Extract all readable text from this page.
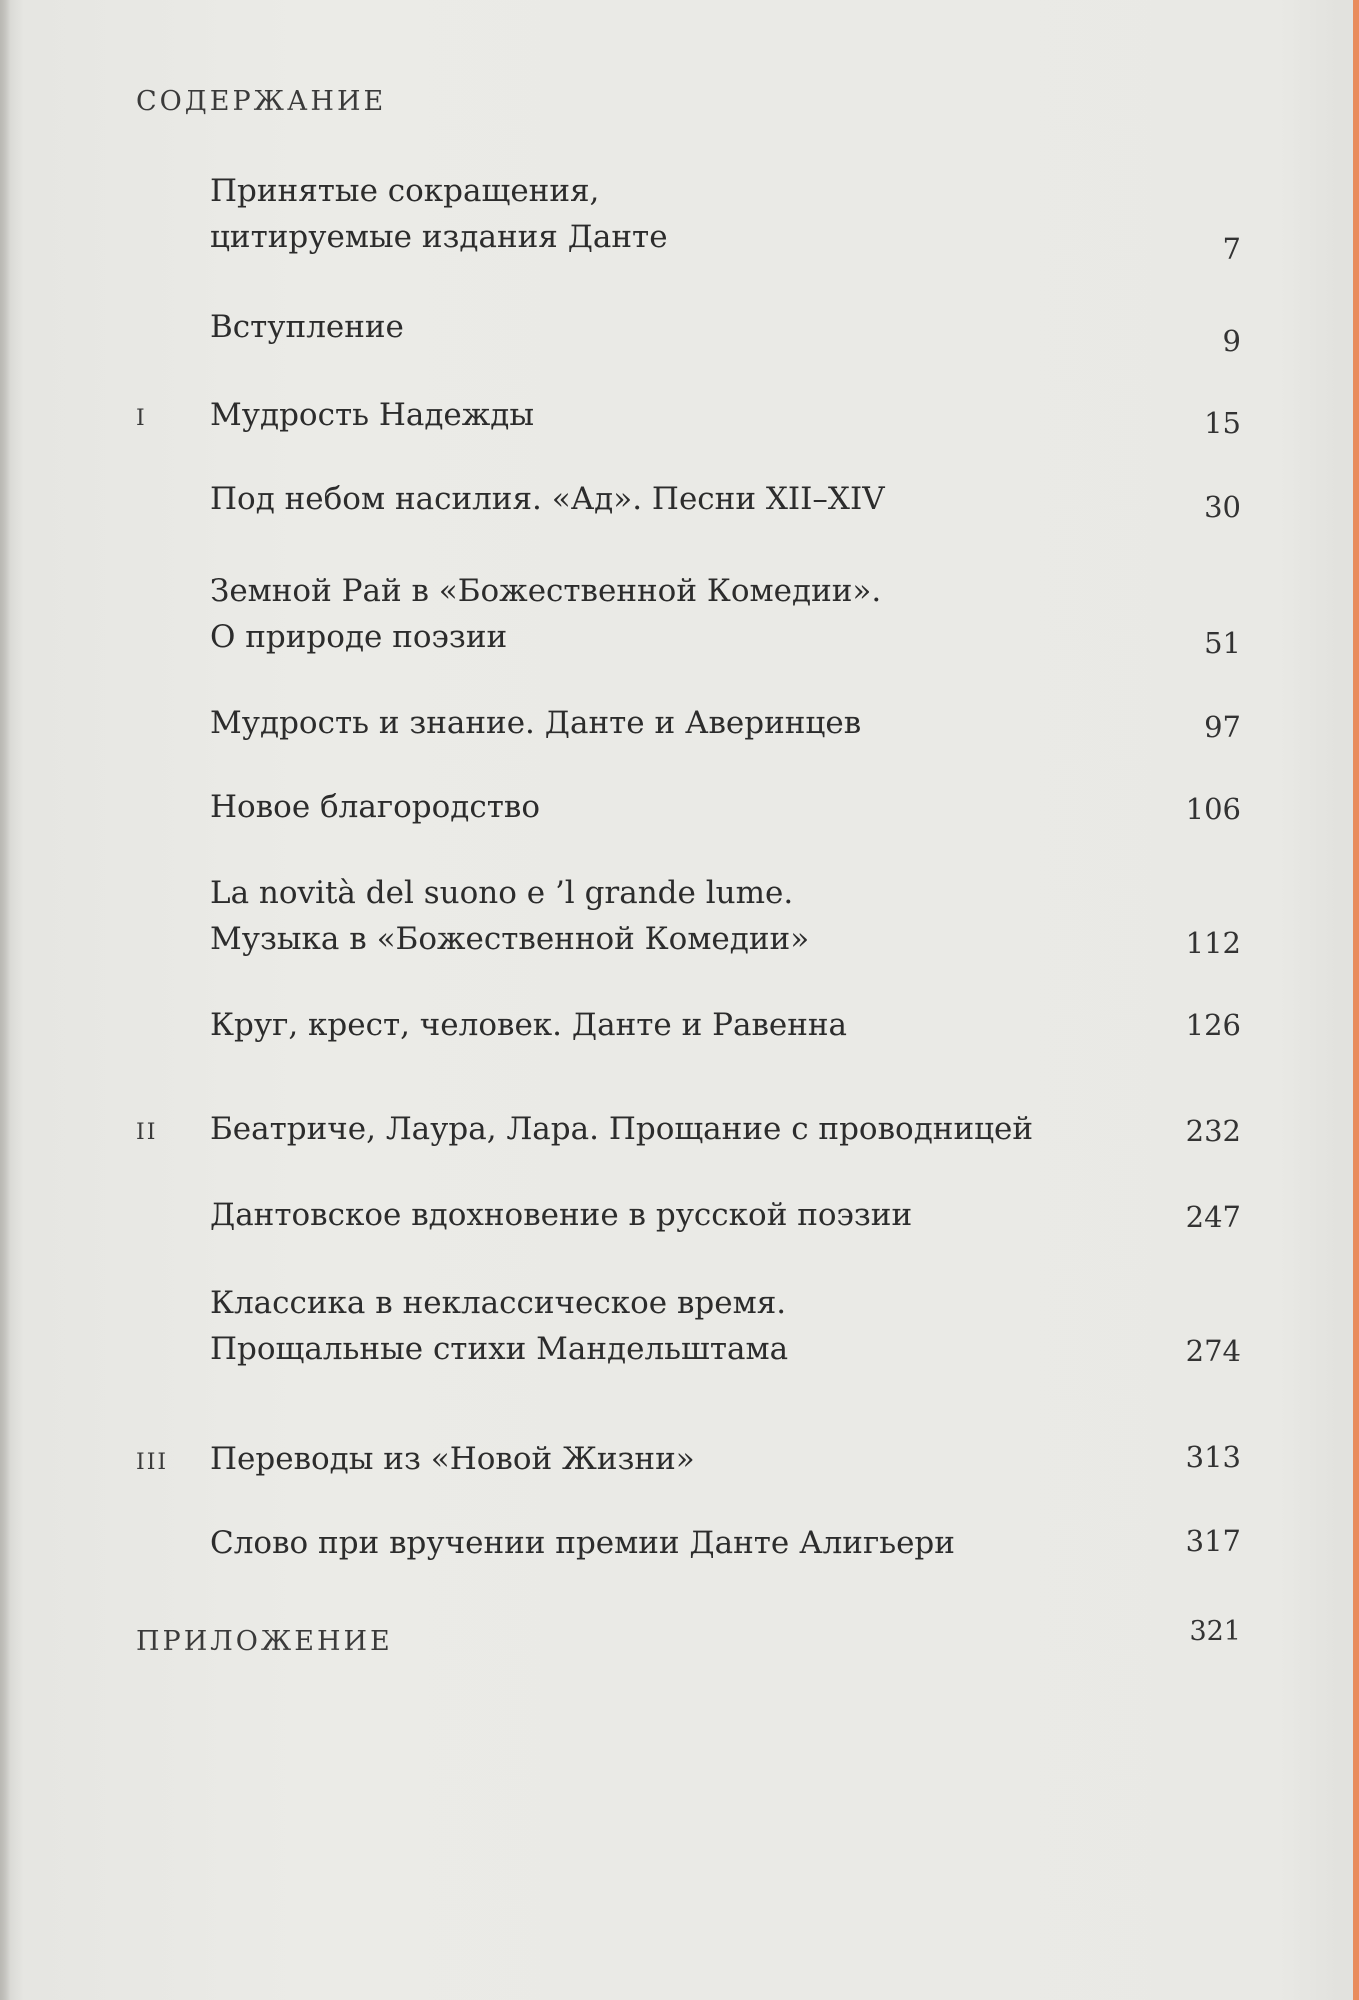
СОДЕРЖАНИЕ
Принятые сокращения,
цитируемые издания Данте	7
Вступление	9
I Мудрость Надежды	15
Под небом насилия. «Ад». Песни XII–XIV	30
Земной Рай в «Божественной Комедии».
О природе поэзии	51
Мудрость и знание. Данте и Аверинцев	97
Новое благородство	106
La novità del suono e ’l grande lume.
Музыка в «Божественной Комедии»	112
Круг, крест, человек. Данте и Равенна	126
II Беатриче, Лаура, Лара. Прощание с проводницей	232
Дантовское вдохновение в русской поэзии	247
Классика в неклассическое время.
Прощальные стихи Мандельштама	274
III Переводы из «Новой Жизни»	313
Слово при вручении премии Данте Алигьери	317
ПРИЛОЖЕНИЕ	321
